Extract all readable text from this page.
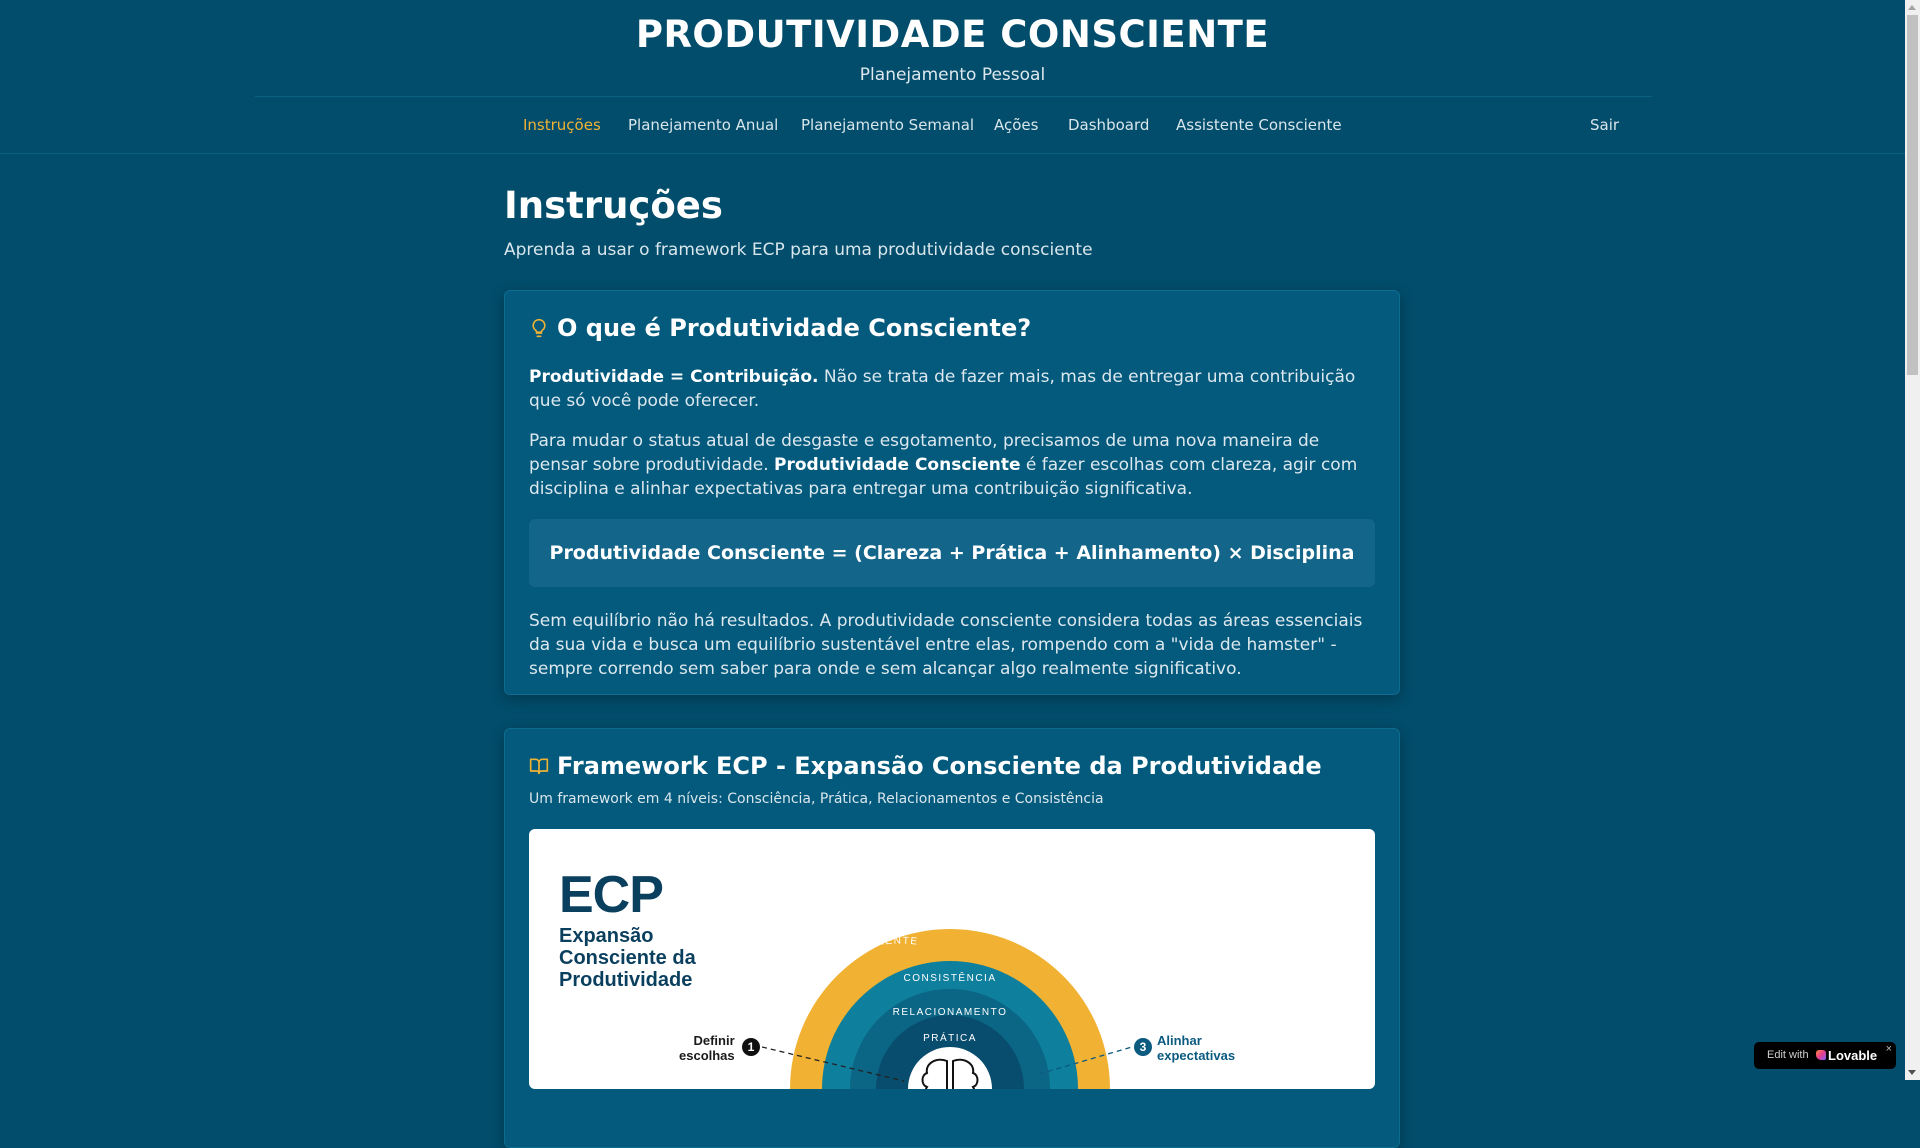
PRODUTIVIDADE CONSCIENTE
Planejamento Pessoal
Instruções Planejamento Anual Planejamento Semanal Ações Dashboard Assistente Consciente	Sair
Instruções
Aprenda a usar o framework ECP para uma produtividade consciente
O que é Produtividade Consciente?

Produtividade = Contribuição. Não se trata de fazer mais, mas de entregar uma contribuição que só você pode oferecer.

Para mudar o status atual de desgaste e esgotamento, precisamos de uma nova maneira de pensar sobre produtividade. Produtividade Consciente é fazer escolhas com clareza, agir com disciplina e alinhar expectativas para entregar uma contribuição significativa.

Produtividade Consciente = (Clareza + Prática + Alinhamento) × Disciplina

Sem equilíbrio não há resultados. A produtividade consciente considera todas as áreas essenciais da sua vida e busca um equilíbrio sustentável entre elas, rompendo com a "vida de hamster" - sempre correndo sem saber para onde e sem alcançar algo realmente significativo.

Framework ECP - Expansão Consciente da Produtividade
Um framework em 4 níveis: Consciência, Prática, Relacionamentos e Consistência
ECP
Expansão
Consciente da
Produtividade
PRODUTIVIDADE CONSCIENTE
CONSISTÊNCIA
RELACIONAMENTO
PRÁTICA
Definir
escolhas
1	3 Alinhar
expectativas	Edit with Lovable ×
